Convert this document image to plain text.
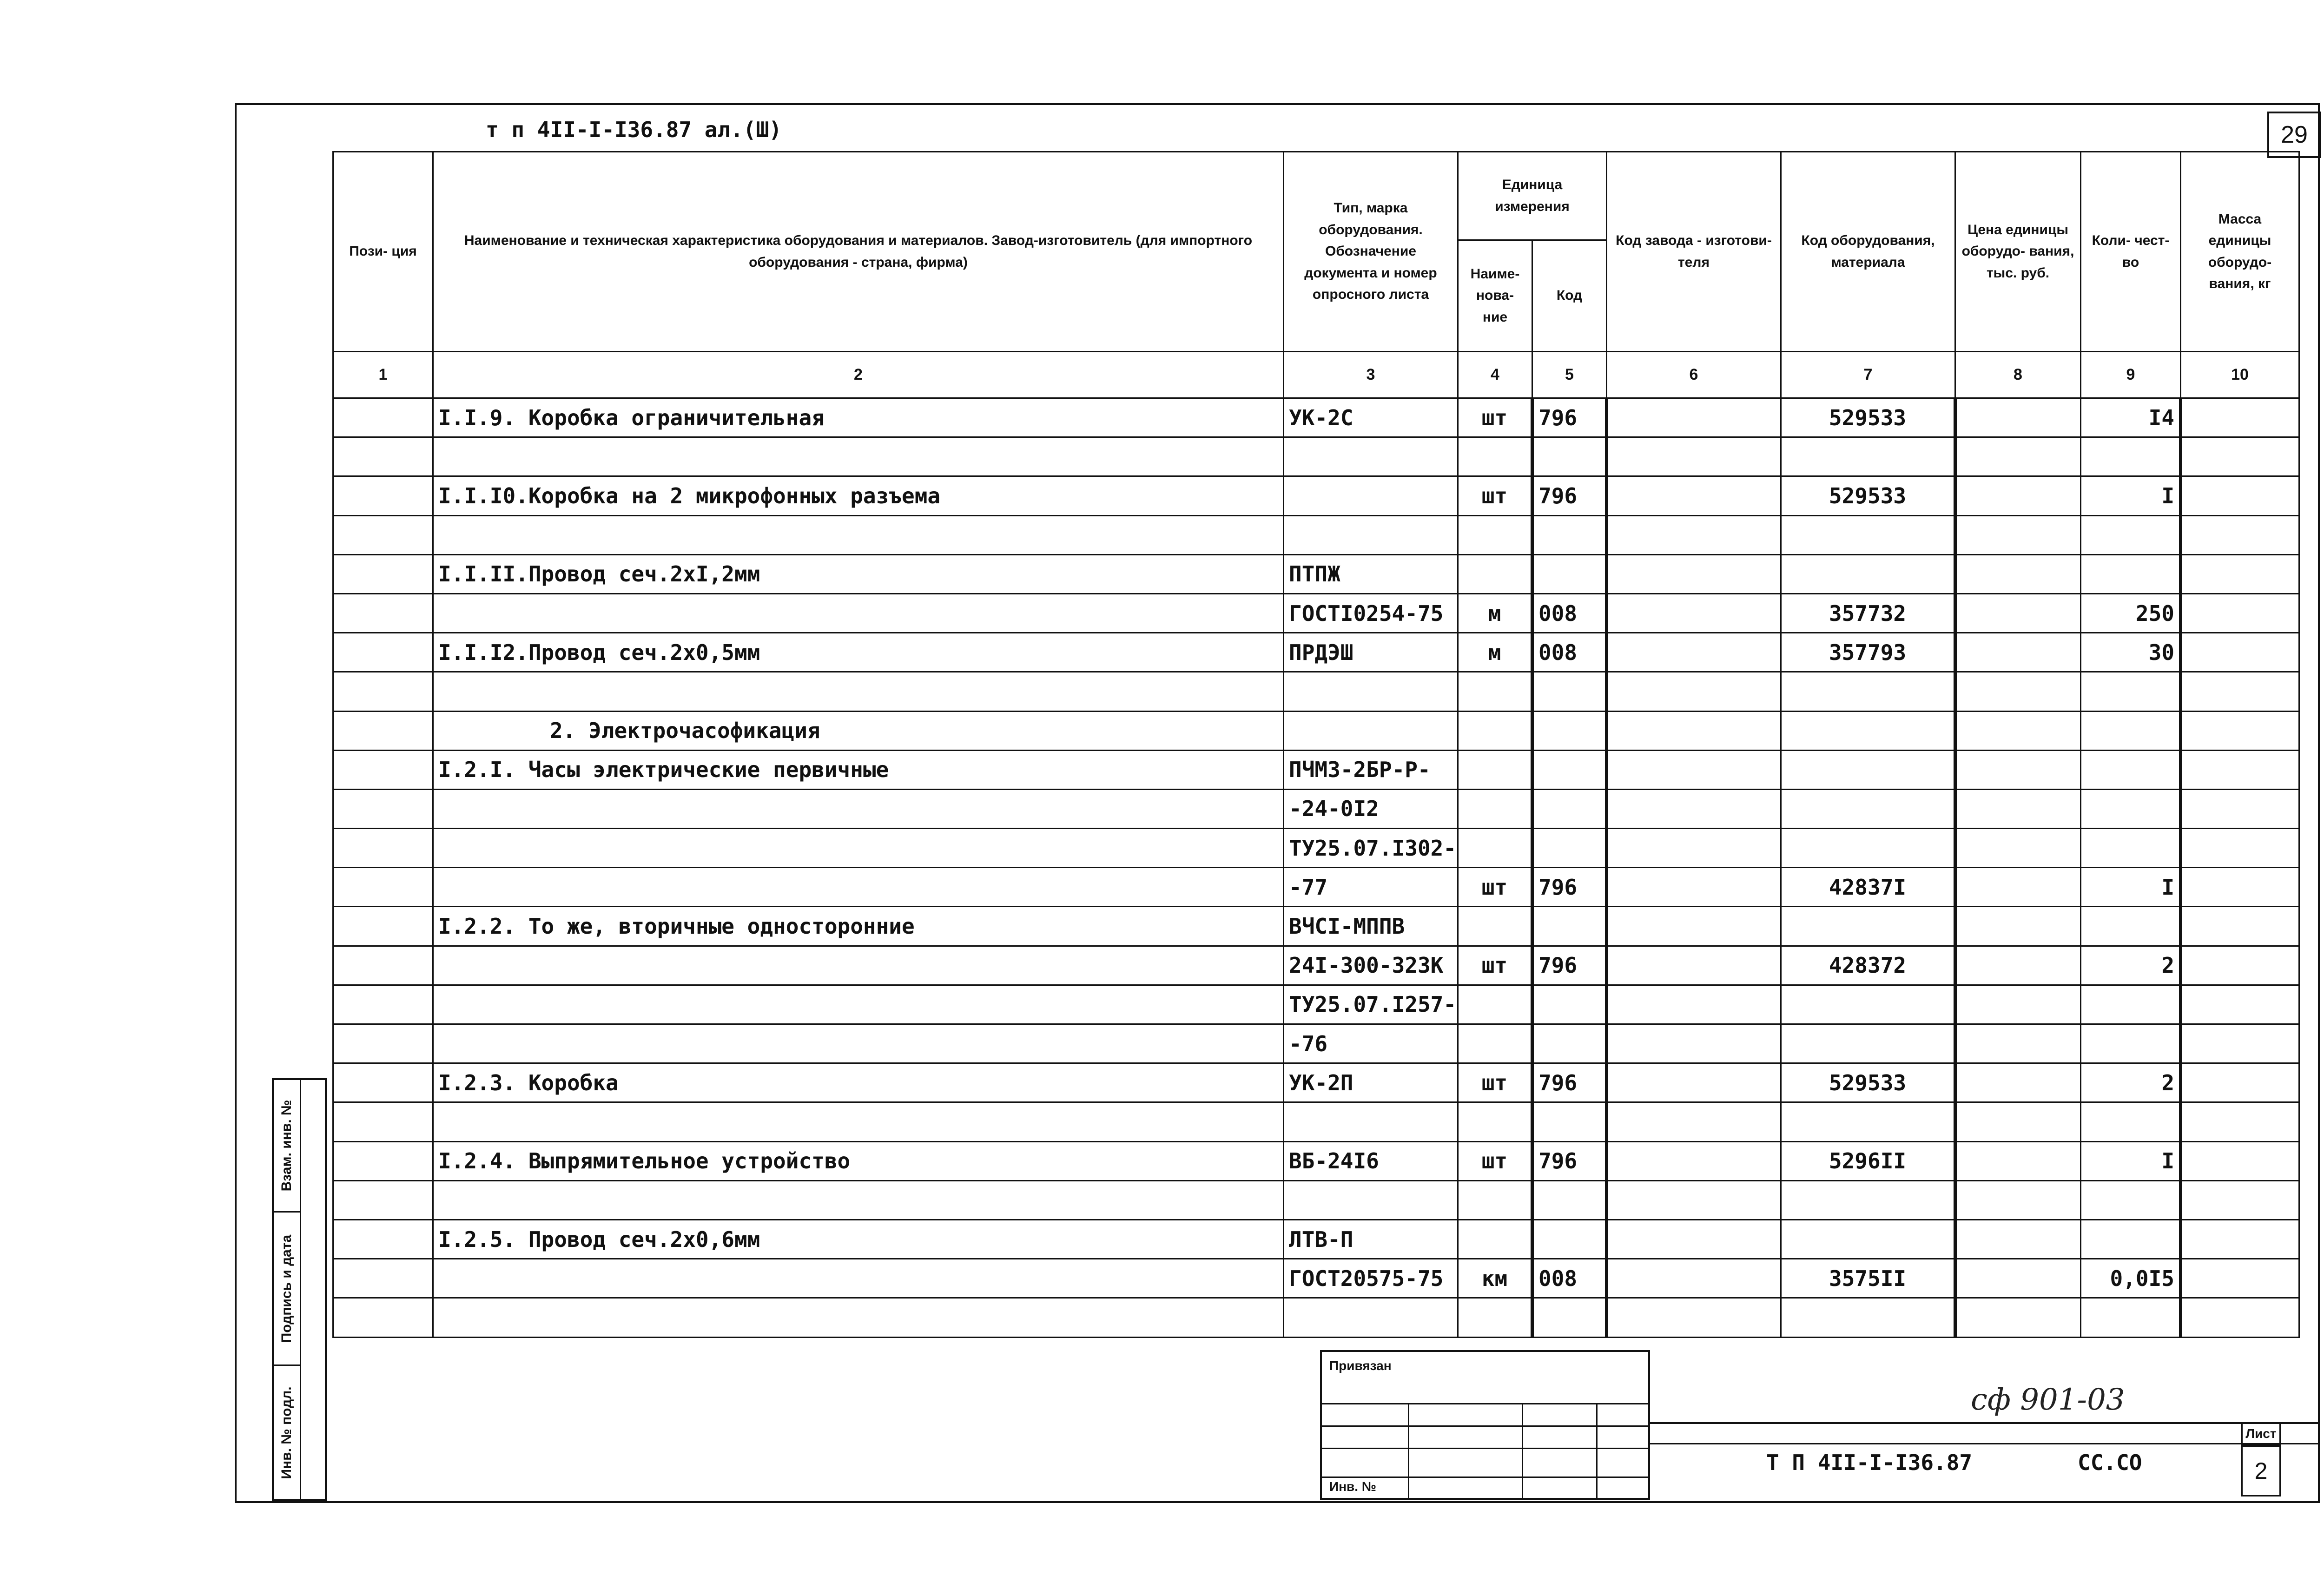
т п 4II-I-I36.87 ал.(Ш)	29
Пози- ция	Наименование и техническая характеристика оборудования и материалов. Завод-изготовитель (для импортного оборудования - страна, фирма)	Тип, марка оборудования. Обозначение документа и номер опросного листа	Единица измерения		Код завода - изготови- теля	Код оборудования, материала	Цена единицы оборудо- вания, тыс. руб.	Коли- чест- во	Масса единицы оборудо- вания, кг
			Наиме- нова- ние	Код					
1	2	3	4	5	6	7	8	9	10
	I.I.9. Коробка ограничительная	УК-2С	шт	796		529533		I4	

	I.I.I0.Коробка на 2 микрофонных разъема		шт	796		529533		I	

	I.I.II.Провод сеч.2хI,2мм	ПТПЖ							
		ГОСТI0254-75	м	008		357732		250	
	I.I.I2.Провод сеч.2х0,5мм	ПРДЭШ	м	008		357793		30	

	2. Электрочасофикация								
	I.2.I. Часы электрические первичные	ПЧМЗ-2БР-Р-							
		-24-0I2							
		ТУ25.07.I302-							
		-77	шт	796		42837I		I	
	I.2.2. То же, вторичные односторонние	ВЧСI-МППВ							
		24I-300-323К	шт	796		428372		2	
		ТУ25.07.I257-							
		-76							
	I.2.3. Коробка	УК-2П	шт	796		529533		2	

	I.2.4. Выпрямительное устройство	ВБ-24I6	шт	796		5296II		I	

	I.2.5. Провод сеч.2х0,6мм	ЛТВ-П							
		ГОСТ20575-75	км	008		3575II		0,0I5	

Взам. инв. №
Подпись и дата
Инв. № подл.
Привязан
Инв. №
сф 901-03
Т П 4II-I-I36.87	СС.СО
Лист
2
